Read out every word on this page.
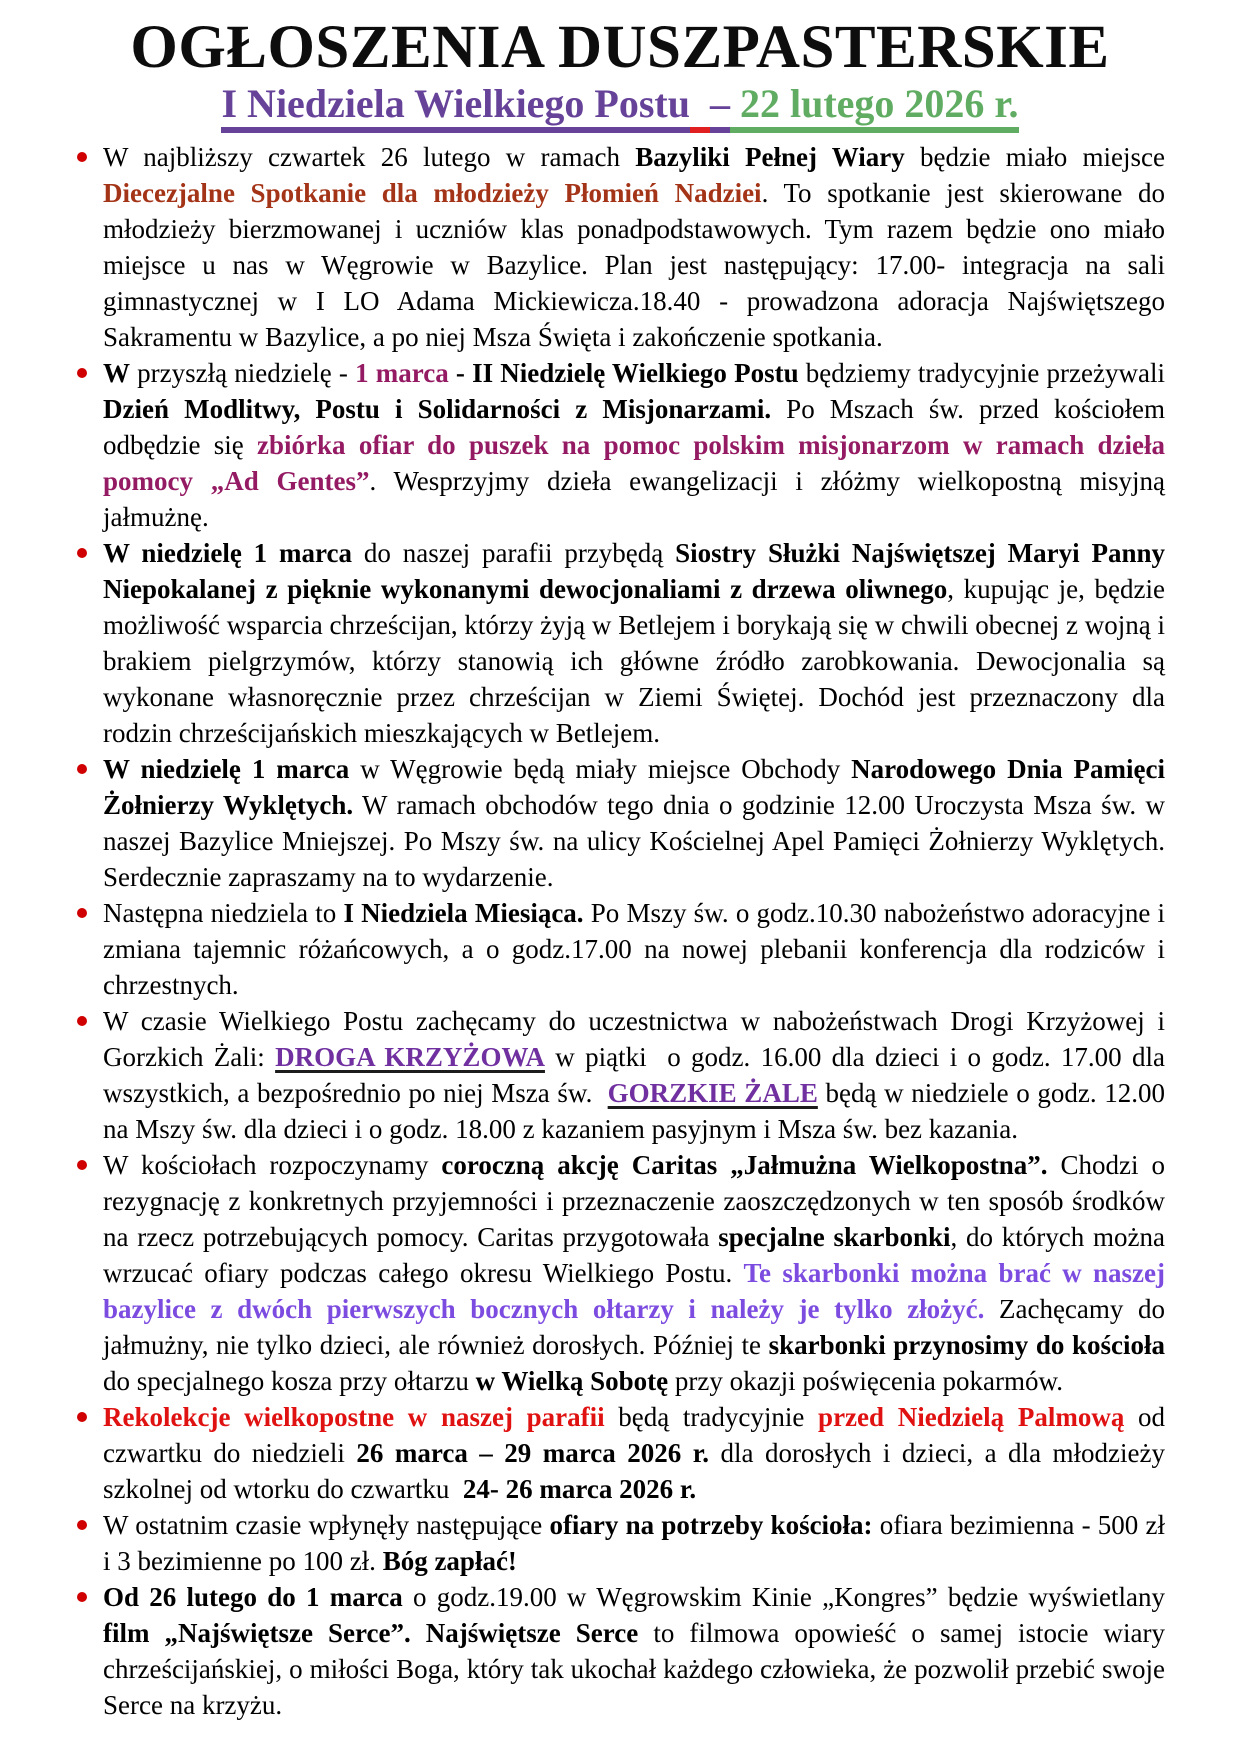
OGŁOSZENIA DUSZPASTERSKIE
I Niedziela Wielkiego Postu – 22 lutego 2026 r.
W najbliższy czwartek 26 lutego w ramach Bazyliki Pełnej Wiary będzie miało miejsce Diecezjalne Spotkanie dla młodzieży Płomień Nadziei. To spotkanie jest skierowane do młodzieży bierzmowanej i uczniów klas ponadpodstawowych. Tym razem będzie ono miało miejsce u nas w Węgrowie w Bazylice. Plan jest następujący: 17.00- integracja na sali gimnastycznej w I LO Adama Mickiewicza.18.40 - prowadzona adoracja Najświętszego Sakramentu w Bazylice, a po niej Msza Święta i zakończenie spotkania.
W przyszłą niedzielę - 1 marca - II Niedzielę Wielkiego Postu będziemy tradycyjnie przeżywali Dzień Modlitwy, Postu i Solidarności z Misjonarzami. Po Mszach św. przed kościołem odbędzie się zbiórka ofiar do puszek na pomoc polskim misjonarzom w ramach dzieła pomocy „Ad Gentes”. Wesprzyjmy dzieła ewangelizacji i złóżmy wielkopostną misyjną jałmużnę.
W niedzielę 1 marca do naszej parafii przybędą Siostry Służki Najświętszej Maryi Panny Niepokalanej z pięknie wykonanymi dewocjonaliami z drzewa oliwnego, kupując je, będzie możliwość wsparcia chrześcijan, którzy żyją w Betlejem i borykają się w chwili obecnej z wojną i brakiem pielgrzymów, którzy stanowią ich główne źródło zarobkowania. Dewocjonalia są wykonane własnoręcznie przez chrześcijan w Ziemi Świętej. Dochód jest przeznaczony dla rodzin chrześcijańskich mieszkających w Betlejem.
W niedzielę 1 marca w Węgrowie będą miały miejsce Obchody Narodowego Dnia Pamięci Żołnierzy Wyklętych. W ramach obchodów tego dnia o godzinie 12.00 Uroczysta Msza św. w naszej Bazylice Mniejszej. Po Mszy św. na ulicy Kościelnej Apel Pamięci Żołnierzy Wyklętych. Serdecznie zapraszamy na to wydarzenie.
Następna niedziela to I Niedziela Miesiąca. Po Mszy św. o godz.10.30 nabożeństwo adoracyjne i zmiana tajemnic różańcowych, a o godz.17.00 na nowej plebanii konferencja dla rodziców i chrzestnych.
W czasie Wielkiego Postu zachęcamy do uczestnictwa w nabożeństwach Drogi Krzyżowej i Gorzkich Żali: DROGA KRZYŻOWA w piątki  o godz. 16.00 dla dzieci i o godz. 17.00 dla wszystkich, a bezpośrednio po niej Msza św.  GORZKIE ŻALE będą w niedziele o godz. 12.00 na Mszy św. dla dzieci i o godz. 18.00 z kazaniem pasyjnym i Msza św. bez kazania.
W kościołach rozpoczynamy coroczną akcję Caritas „Jałmużna Wielkopostna”. Chodzi o rezygnację z konkretnych przyjemności i przeznaczenie zaoszczędzonych w ten sposób środków na rzecz potrzebujących pomocy. Caritas przygotowała specjalne skarbonki, do których można wrzucać ofiary podczas całego okresu Wielkiego Postu. Te skarbonki można brać w naszej bazylice z dwóch pierwszych bocznych ołtarzy i należy je tylko złożyć. Zachęcamy do jałmużny, nie tylko dzieci, ale również dorosłych. Później te skarbonki przynosimy do kościoła do specjalnego kosza przy ołtarzu w Wielką Sobotę przy okazji poświęcenia pokarmów.
Rekolekcje wielkopostne w naszej parafii będą tradycyjnie przed Niedzielą Palmową od czwartku do niedzieli 26 marca – 29 marca 2026 r. dla dorosłych i dzieci, a dla młodzieży szkolnej od wtorku do czwartku  24- 26 marca 2026 r.
W ostatnim czasie wpłynęły następujące ofiary na potrzeby kościoła: ofiara bezimienna - 500 zł i 3 bezimienne po 100 zł. Bóg zapłać!
Od 26 lutego do 1 marca o godz.19.00 w Węgrowskim Kinie „Kongres” będzie wyświetlany film „Najświętsze Serce”. Najświętsze Serce to filmowa opowieść o samej istocie wiary chrześcijańskiej, o miłości Boga, który tak ukochał każdego człowieka, że pozwolił przebić swoje Serce na krzyżu.
